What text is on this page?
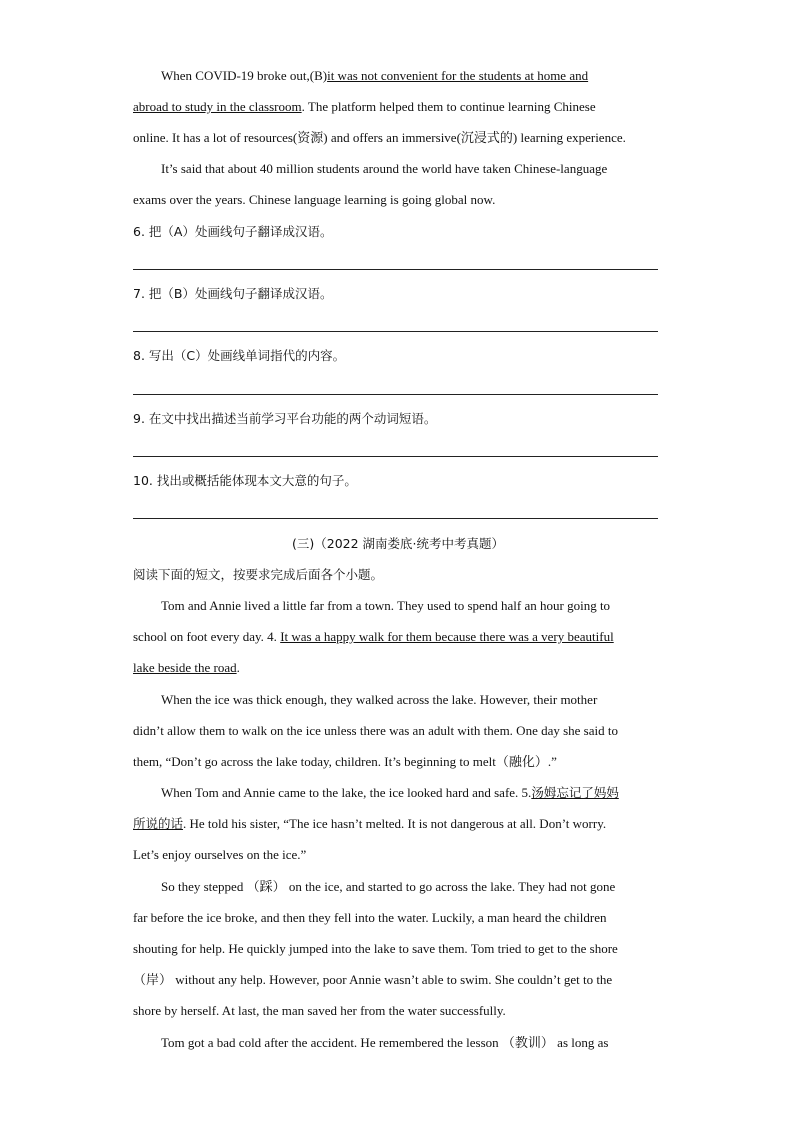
When COVID-19 broke out,(B)it was not convenient for the students at home and
abroad to study in the classroom. The platform helped them to continue learning Chinese
online. It has a lot of resources(资源) and offers an immersive(沉浸式的) learning experience.
It’s said that about 40 million students around the world have taken Chinese-language
exams over the years. Chinese language learning is going global now.
6. 把（A）处画线句子翻译成汉语。
7. 把（B）处画线句子翻译成汉语。
8. 写出（C）处画线单词指代的内容。
9. 在文中找出描述当前学习平台功能的两个动词短语。
10. 找出或概括能体现本文大意的句子。
(三)（2022 湖南娄底·统考中考真题）
阅读下面的短文，按要求完成后面各个小题。
Tom and Annie lived a little far from a town. They used to spend half an hour going to
school on foot every day. 4. It was a happy walk for them because there was a very beautiful
lake beside the road.
When the ice was thick enough, they walked across the lake. However, their mother
didn’t allow them to walk on the ice unless there was an adult with them. One day she said to
them, “Don’t go across the lake today, children. It’s beginning to melt（融化）.”
When Tom and Annie came to the lake, the ice looked hard and safe. 5.汤姆忘记了妈妈
所说的话. He told his sister, “The ice hasn’t melted. It is not dangerous at all. Don’t worry.
Let’s enjoy ourselves on the ice.”
So they stepped （踩） on the ice, and started to go across the lake. They had not gone
far before the ice broke, and then they fell into the water. Luckily, a man heard the children
shouting for help. He quickly jumped into the lake to save them. Tom tried to get to the shore
（岸） without any help. However, poor Annie wasn’t able to swim. She couldn’t get to the
shore by herself. At last, the man saved her from the water successfully.
Tom got a bad cold after the accident. He remembered the lesson （教训） as long as
